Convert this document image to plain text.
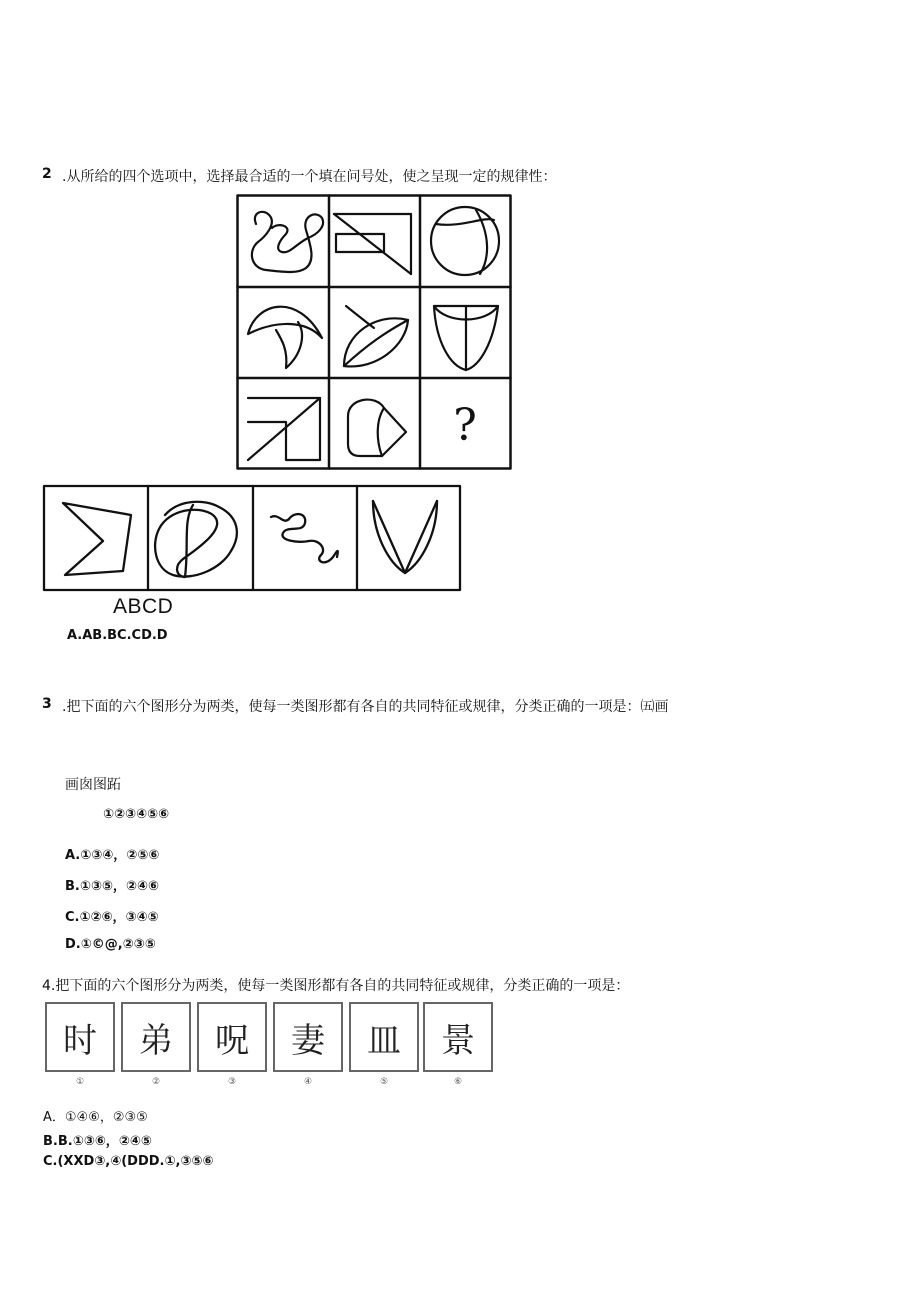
2 .从所给的四个选项中，选择最合适的一个填在问号处，使之呈现一定的规律性：
?
ABCD
A.AB.BC.CD.D
3 .把下面的六个图形分为两类，使每一类图形都有各自的共同特征或规律，分类正确的一项是：㈤画
画囱图跖
①②③④⑤⑥
A.①③④，②⑤⑥
B.①③⑤，②④⑥
C.①②⑥，③④⑤
D.①©@,②③⑤
4.把下面的六个图形分为两类，使每一类图形都有各自的共同特征或规律，分类正确的一项是：
时	弟	呪	妻	皿	景
①	②	③	④	⑤	⑥
A．①④⑥，②③⑤
B.B.①③⑥，②④⑤
C.(XXD③,④(DDD.①,③⑤⑥
